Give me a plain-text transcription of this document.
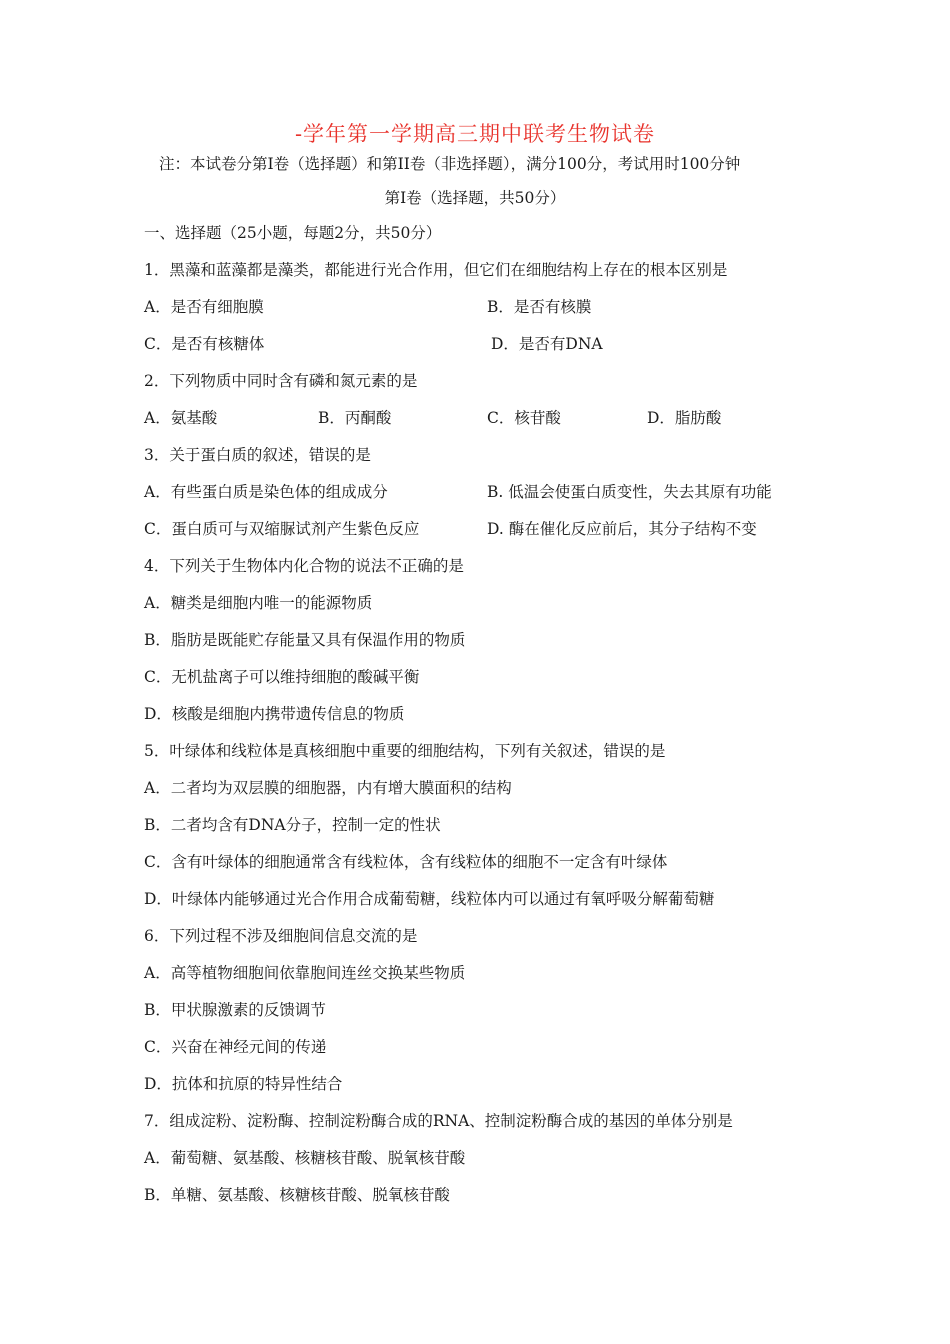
-学年第一学期高三期中联考生物试卷
注：本试卷分第I卷（选择题）和第II卷（非选择题），满分100分，考试用时100分钟
第I卷（选择题，共50分）
一、选择题（25小题，每题2分，共50分）
1．黑藻和蓝藻都是藻类，都能进行光合作用，但它们在细胞结构上存在的根本区别是
A．是否有细胞膜	B．是否有核膜
C．是否有核糖体	D．是否有DNA
2．下列物质中同时含有磷和氮元素的是
A．氨基酸	B．丙酮酸	C．核苷酸	D．脂肪酸
3．关于蛋白质的叙述，错误的是
A．有些蛋白质是染色体的组成成分	B. 低温会使蛋白质变性，失去其原有功能
C．蛋白质可与双缩脲试剂产生紫色反应	D. 酶在催化反应前后，其分子结构不变
4．下列关于生物体内化合物的说法不正确的是
A．糖类是细胞内唯一的能源物质
B．脂肪是既能贮存能量又具有保温作用的物质
C．无机盐离子可以维持细胞的酸碱平衡
D．核酸是细胞内携带遗传信息的物质
5．叶绿体和线粒体是真核细胞中重要的细胞结构，下列有关叙述，错误的是
A．二者均为双层膜的细胞器，内有增大膜面积的结构
B．二者均含有DNA分子，控制一定的性状
C．含有叶绿体的细胞通常含有线粒体，含有线粒体的细胞不一定含有叶绿体
D．叶绿体内能够通过光合作用合成葡萄糖，线粒体内可以通过有氧呼吸分解葡萄糖
6．下列过程不涉及细胞间信息交流的是
A．高等植物细胞间依靠胞间连丝交换某些物质
B．甲状腺激素的反馈调节
C．兴奋在神经元间的传递
D．抗体和抗原的特异性结合
7．组成淀粉、淀粉酶、控制淀粉酶合成的RNA、控制淀粉酶合成的基因的单体分别是
A．葡萄糖、氨基酸、核糖核苷酸、脱氧核苷酸
B．单糖、氨基酸、核糖核苷酸、脱氧核苷酸
